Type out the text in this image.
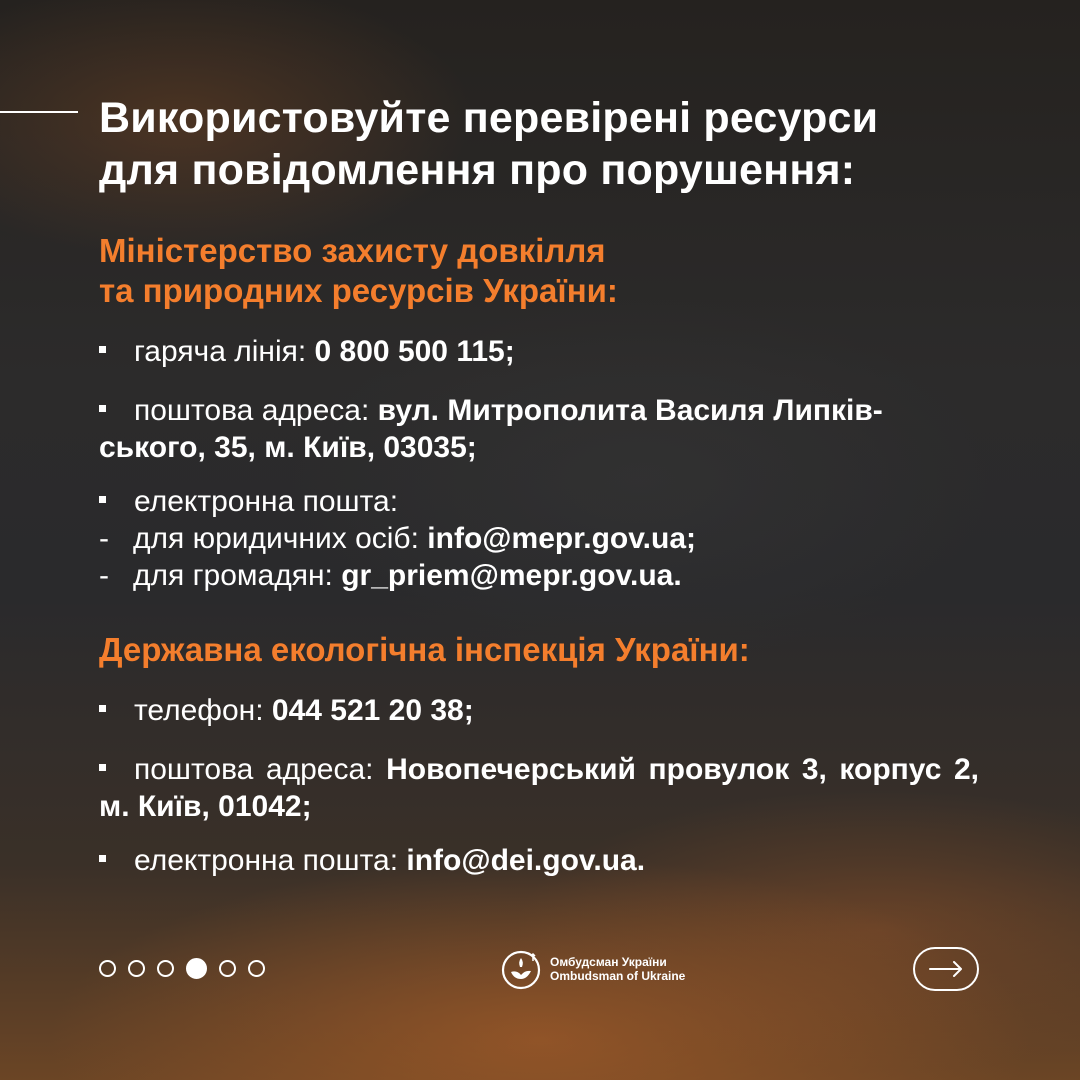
Використовуйте перевірені ресурси
для повідомлення про порушення:
Міністерство захисту довкілля
та природних ресурсів України:

гаряча лінія: 0 800 500 115;

поштова адреса: вул. Митрополита Василя Липків-
ського, 35, м. Київ, 03035;

електронна пошта:
- для юридичних осіб: info@mepr.gov.ua;
- для громадян: gr_priem@mepr.gov.ua.

Державна екологічна інспекція України:

телефон: 044 521 20 38;

поштова адреса: Новопечерський провулок 3, корпус 2, м. Київ, 01042;

електронна пошта: info@dei.gov.ua.

Омбудсман України
Ombudsman of Ukraine
